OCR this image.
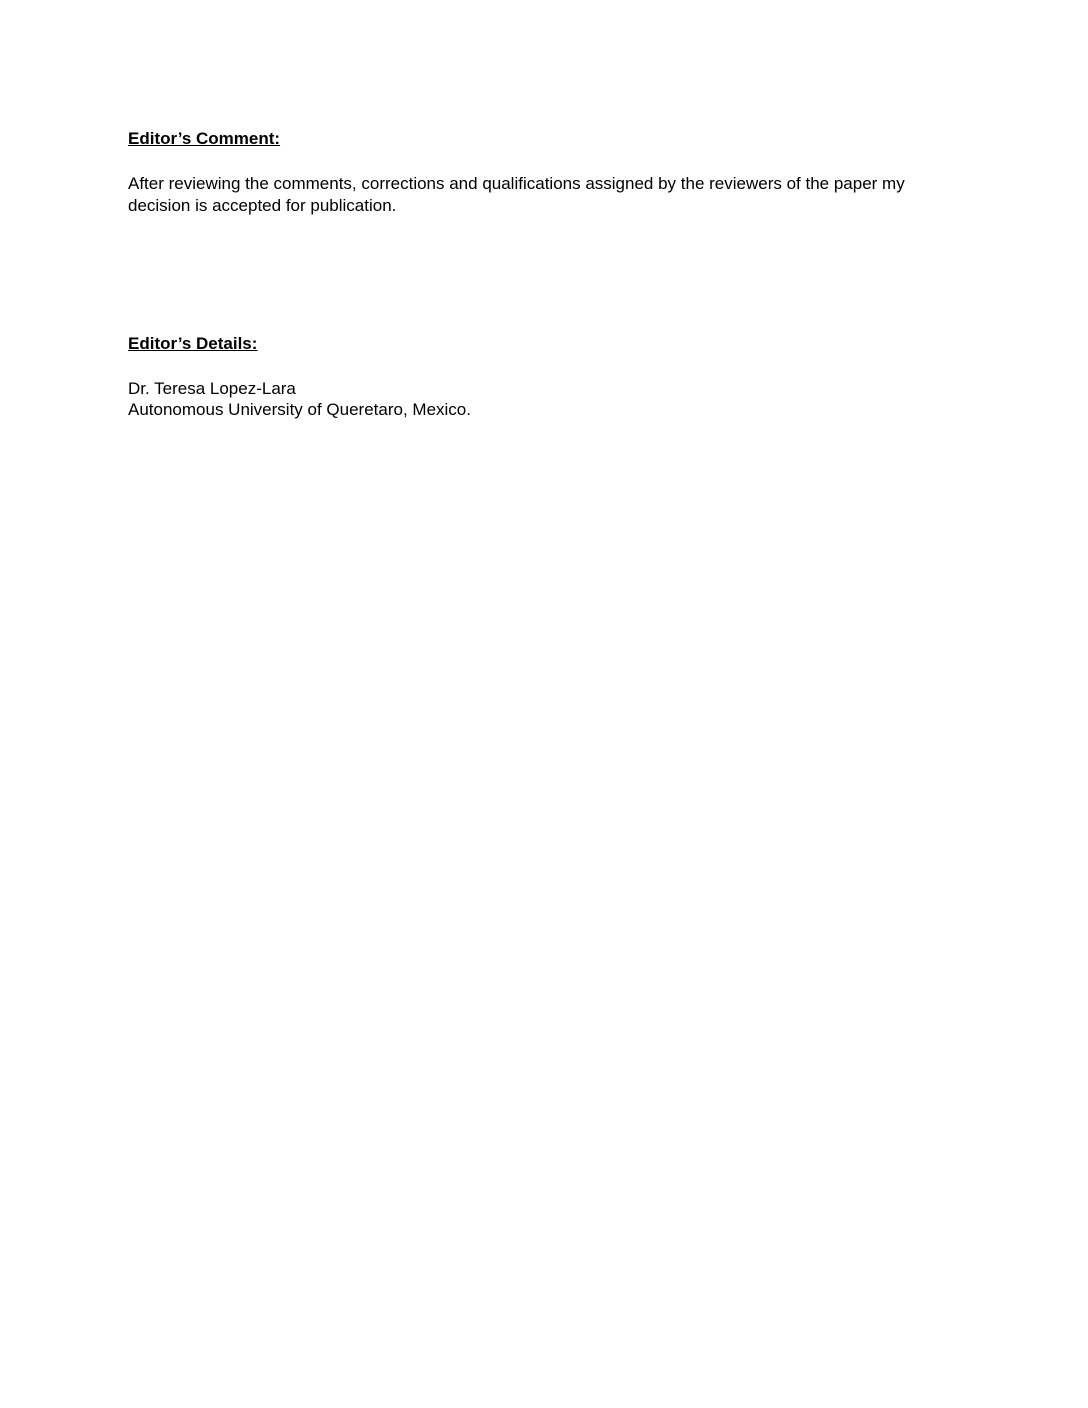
Editor’s Comment:

After reviewing the comments, corrections and qualifications assigned by the reviewers of the paper my decision is accepted for publication.

Editor’s Details:

Dr. Teresa Lopez-Lara
Autonomous University of Queretaro, Mexico.
